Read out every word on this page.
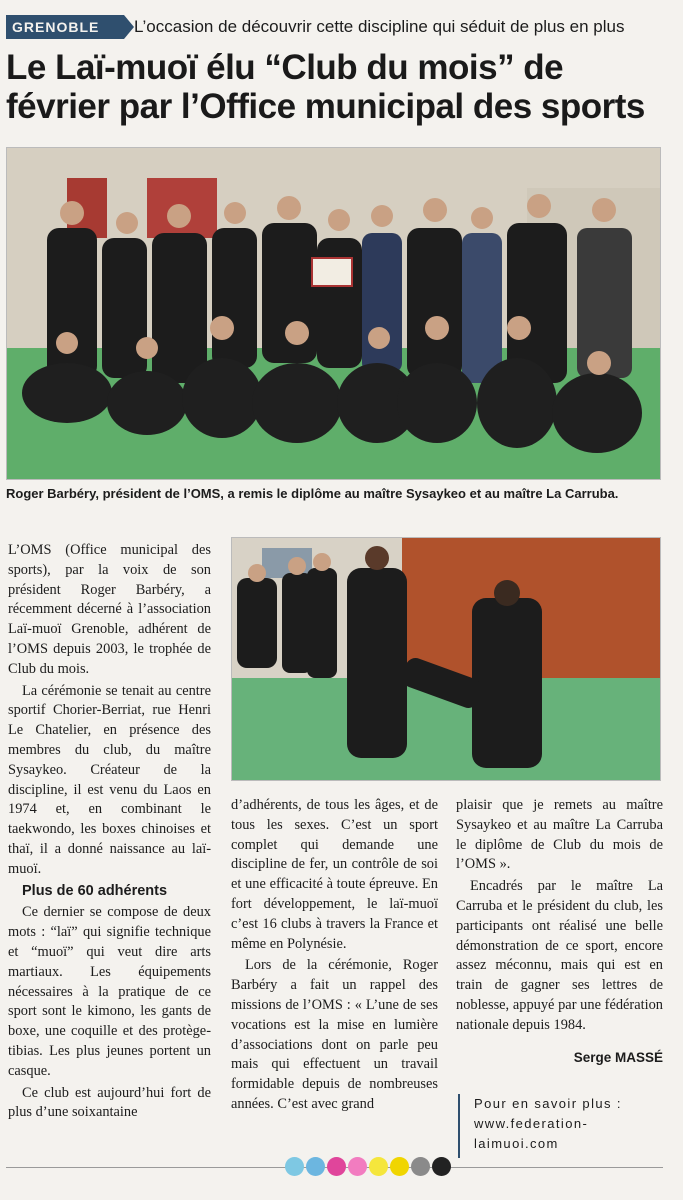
GRENOBLE	L’occasion de découvrir cette discipline qui séduit de plus en plus
Le Laï-muoï élu “Club du mois” de février par l’Office municipal des sports
Roger Barbéry, président de l’OMS, a remis le diplôme au maître Sysaykeo et au maître La Carruba.

L’OMS (Office municipal des sports), par la voix de son président Roger Barbéry, a récemment décerné à l’association Laï-muoï Grenoble, adhérent de l’OMS depuis 2003, le trophée de Club du mois.

La cérémonie se tenait au centre sportif Chorier-Berriat, rue Henri Le Chatelier, en présence des membres du club, du maître Sysaykeo. Créateur de la discipline, il est venu du Laos en 1974 et, en combinant le taekwondo, les boxes chinoises et thaï, il a donné naissance au laï-muoï.

Plus de 60 adhérents

Ce dernier se compose de deux mots : “laï” qui signifie technique et “muoï” qui veut dire arts martiaux. Les équipements nécessaires à la pratique de ce sport sont le kimono, les gants de boxe, une coquille et des protège-tibias. Les plus jeunes portent un casque.

Ce club est aujourd’hui fort de plus d’une soixantaine

d’adhérents, de tous les âges, et de tous les sexes. C’est un sport complet qui demande une discipline de fer, un contrôle de soi et une efficacité à toute épreuve. En fort développement, le laï-muoï c’est 16 clubs à travers la France et même en Polynésie.

Lors de la cérémonie, Roger Barbéry a fait un rappel des missions de l’OMS : « L’une de ses vocations est la mise en lumière d’associations dont on parle peu mais qui effectuent un travail formidable depuis de nombreuses années. C’est avec grand

plaisir que je remets au maître Sysaykeo et au maître La Carruba le diplôme de Club du mois de l’OMS ».

Encadrés par le maître La Carruba et le président du club, les participants ont réalisé une belle démonstration de ce sport, encore assez méconnu, mais qui est en train de gagner ses lettres de noblesse, appuyé par une fédération nationale depuis 1984.

Serge MASSÉ

Pour en savoir plus :
www.federation-
laimuoi.com
